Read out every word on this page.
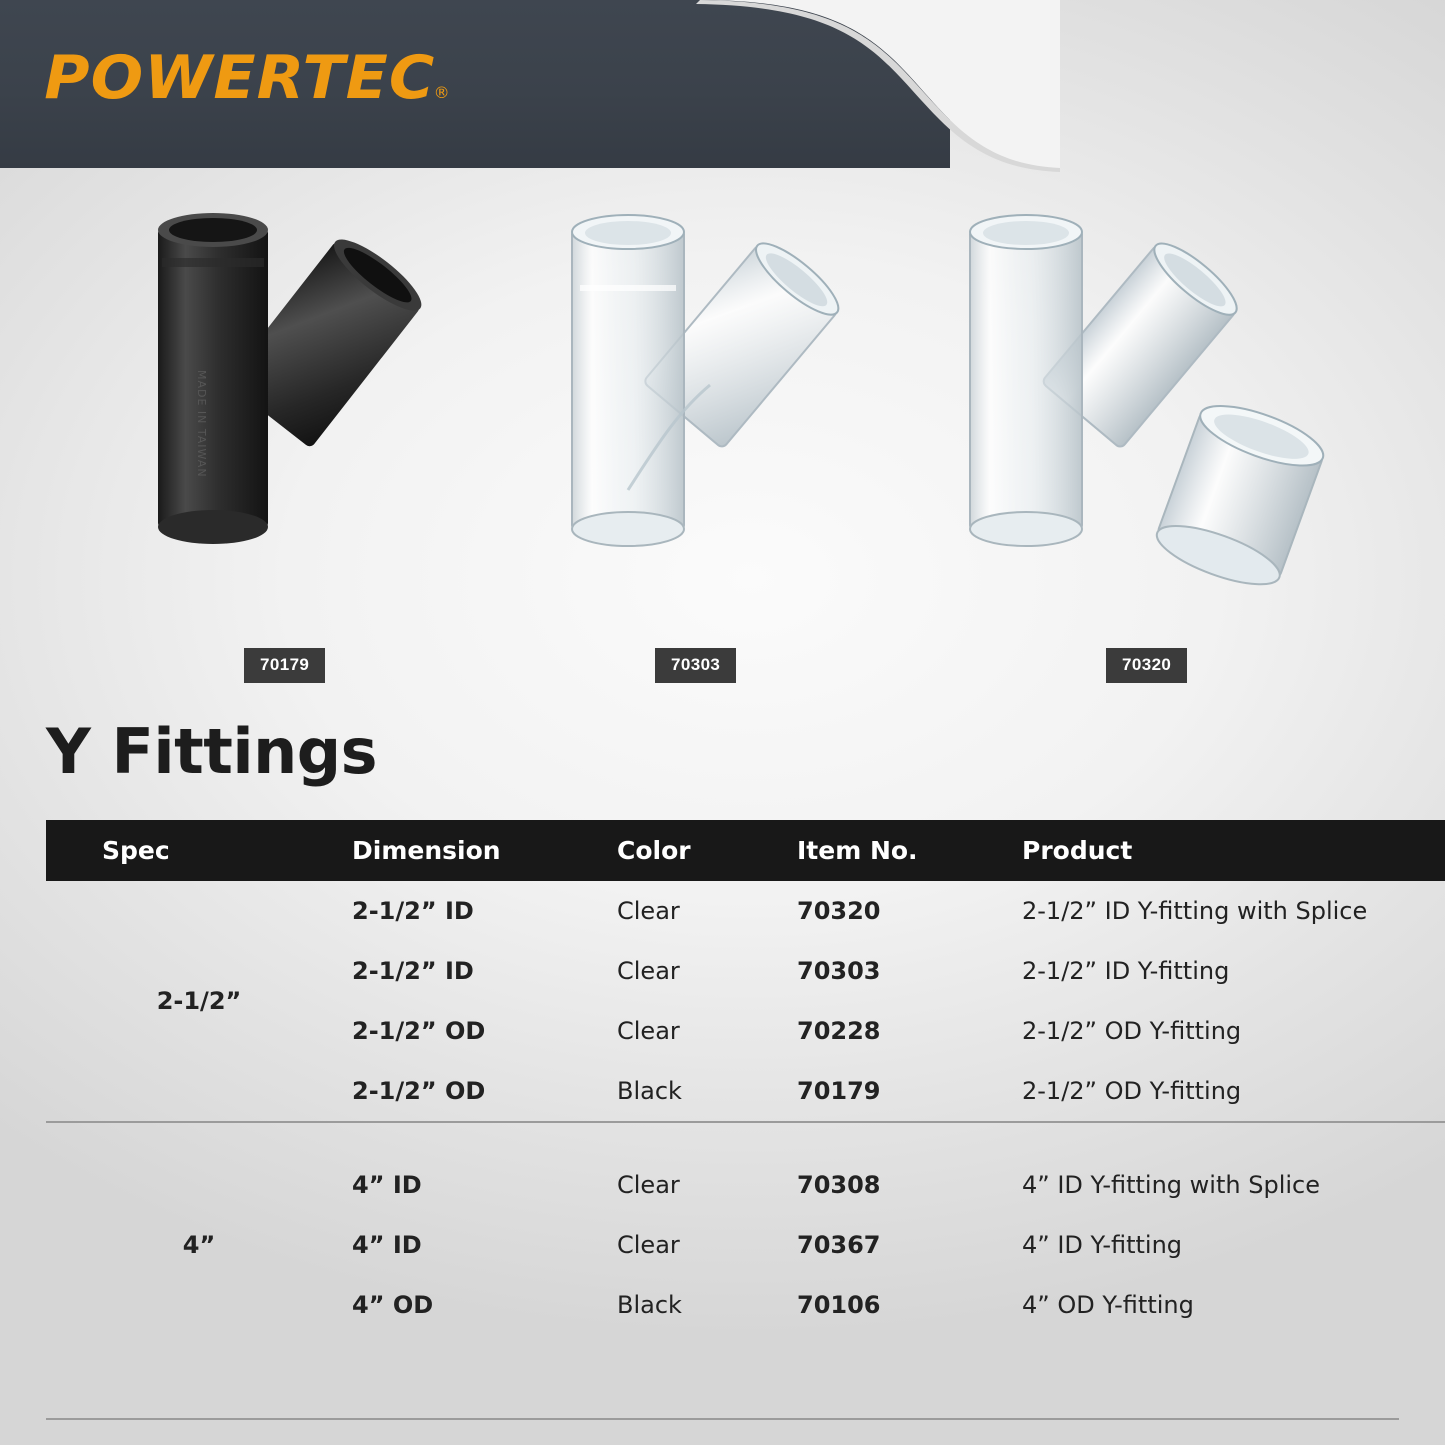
POWERTEC
®
MADE IN TAIWAN
70179	70303	70320
Y Fittings
Spec	Dimension	Color	Item No.	Product
2-1/2”	2-1/2” ID	Clear	70320	2-1/2” ID Y-fitting with Splice
	2-1/2” ID	Clear	70303	2-1/2” ID Y-fitting
	2-1/2” OD	Clear	70228	2-1/2” OD Y-fitting
	2-1/2” OD	Black	70179	2-1/2” OD Y-fitting

4”	4” ID	Clear	70308	4” ID Y-fitting with Splice
	4” ID	Clear	70367	4” ID Y-fitting
	4” OD	Black	70106	4” OD Y-fitting
